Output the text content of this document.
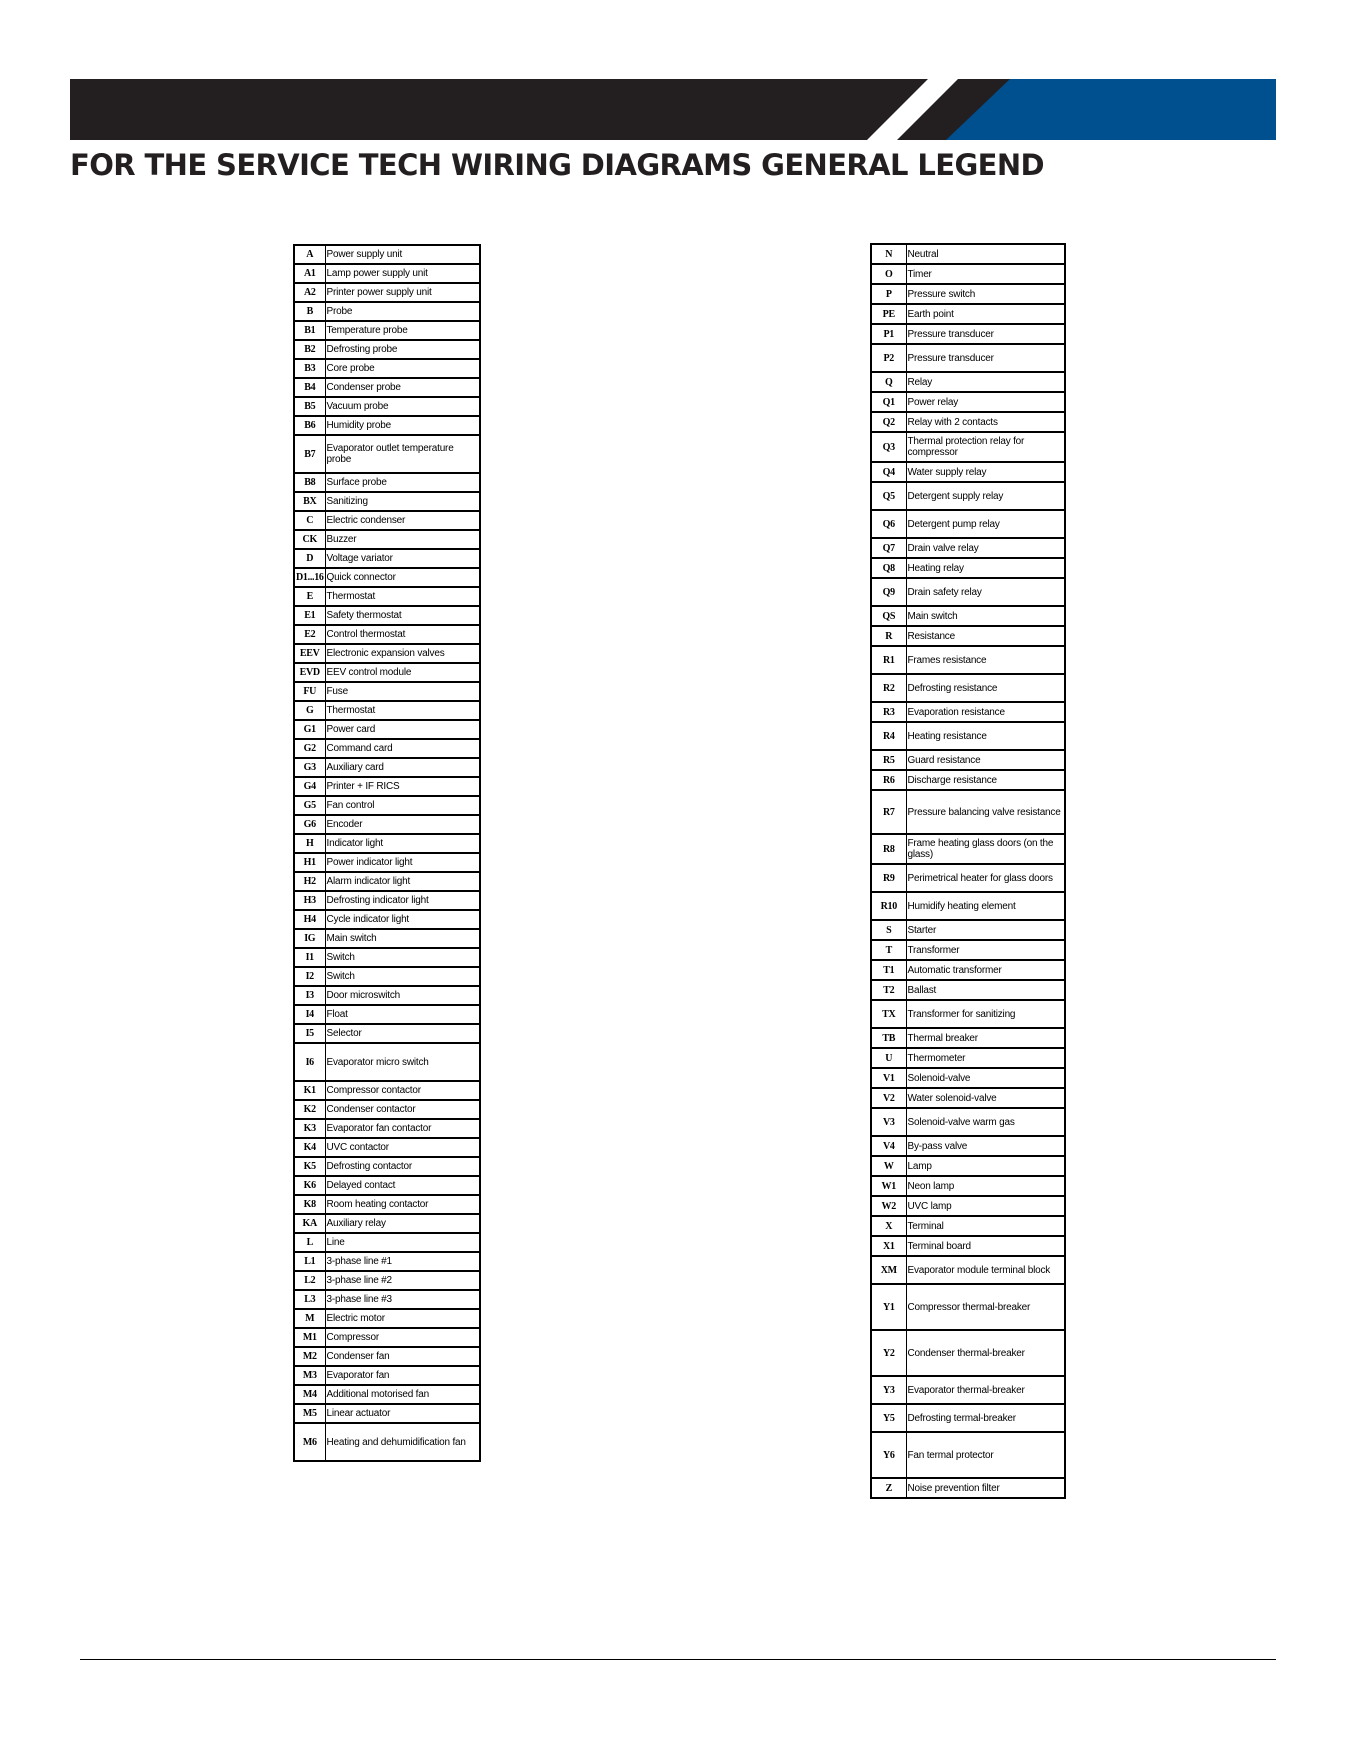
FOR THE SERVICE TECH WIRING DIAGRAMS GENERAL LEGEND
A	Power supply unit
A1	Lamp power supply unit
A2	Printer power supply unit
B	Probe
B1	Temperature probe
B2	Defrosting probe
B3	Core probe
B4	Condenser probe
B5	Vacuum probe
B6	Humidity probe
B7	Evaporator outlet temperature probe
B8	Surface probe
BX	Sanitizing
C	Electric condenser
CK	Buzzer
D	Voltage variator
D1...16	Quick connector
E	Thermostat
E1	Safety thermostat
E2	Control thermostat
EEV	Electronic expansion valves
EVD	EEV control module
FU	Fuse
G	Thermostat
G1	Power card
G2	Command card
G3	Auxiliary card
G4	Printer + IF RICS
G5	Fan control
G6	Encoder
H	Indicator light
H1	Power indicator light
H2	Alarm indicator light
H3	Defrosting indicator light
H4	Cycle indicator light
IG	Main switch
I1	Switch
I2	Switch
I3	Door microswitch
I4	Float
I5	Selector
I6	Evaporator micro switch
K1	Compressor contactor
K2	Condenser contactor
K3	Evaporator fan contactor
K4	UVC contactor
K5	Defrosting contactor
K6	Delayed contact
K8	Room heating contactor
KA	Auxiliary relay
L	Line
L1	3-phase line #1
L2	3-phase line #2
L3	3-phase line #3
M	Electric motor
M1	Compressor
M2	Condenser fan
M3	Evaporator fan
M4	Additional motorised fan
M5	Linear actuator
M6	Heating and dehumidification fan
N	Neutral
O	Timer
P	Pressure switch
PE	Earth point
P1	Pressure transducer
P2	Pressure transducer
Q	Relay
Q1	Power relay
Q2	Relay with 2 contacts
Q3	Thermal protection relay for compressor
Q4	Water supply relay
Q5	Detergent supply relay
Q6	Detergent pump relay
Q7	Drain valve relay
Q8	Heating relay
Q9	Drain safety relay
QS	Main switch
R	Resistance
R1	Frames resistance
R2	Defrosting resistance
R3	Evaporation resistance
R4	Heating resistance
R5	Guard resistance
R6	Discharge resistance
R7	Pressure balancing valve resistance
R8	Frame heating glass doors (on the glass)
R9	Perimetrical heater for glass doors
R10	Humidify heating element
S	Starter
T	Transformer
T1	Automatic transformer
T2	Ballast
TX	Transformer for sanitizing
TB	Thermal breaker
U	Thermometer
V1	Solenoid-valve
V2	Water solenoid-valve
V3	Solenoid-valve warm gas
V4	By-pass valve
W	Lamp
W1	Neon lamp
W2	UVC lamp
X	Terminal
X1	Terminal board
XM	Evaporator module terminal block
Y1	Compressor thermal-breaker
Y2	Condenser thermal-breaker
Y3	Evaporator thermal-breaker
Y5	Defrosting termal-breaker
Y6	Fan termal protector
Z	Noise prevention filter
